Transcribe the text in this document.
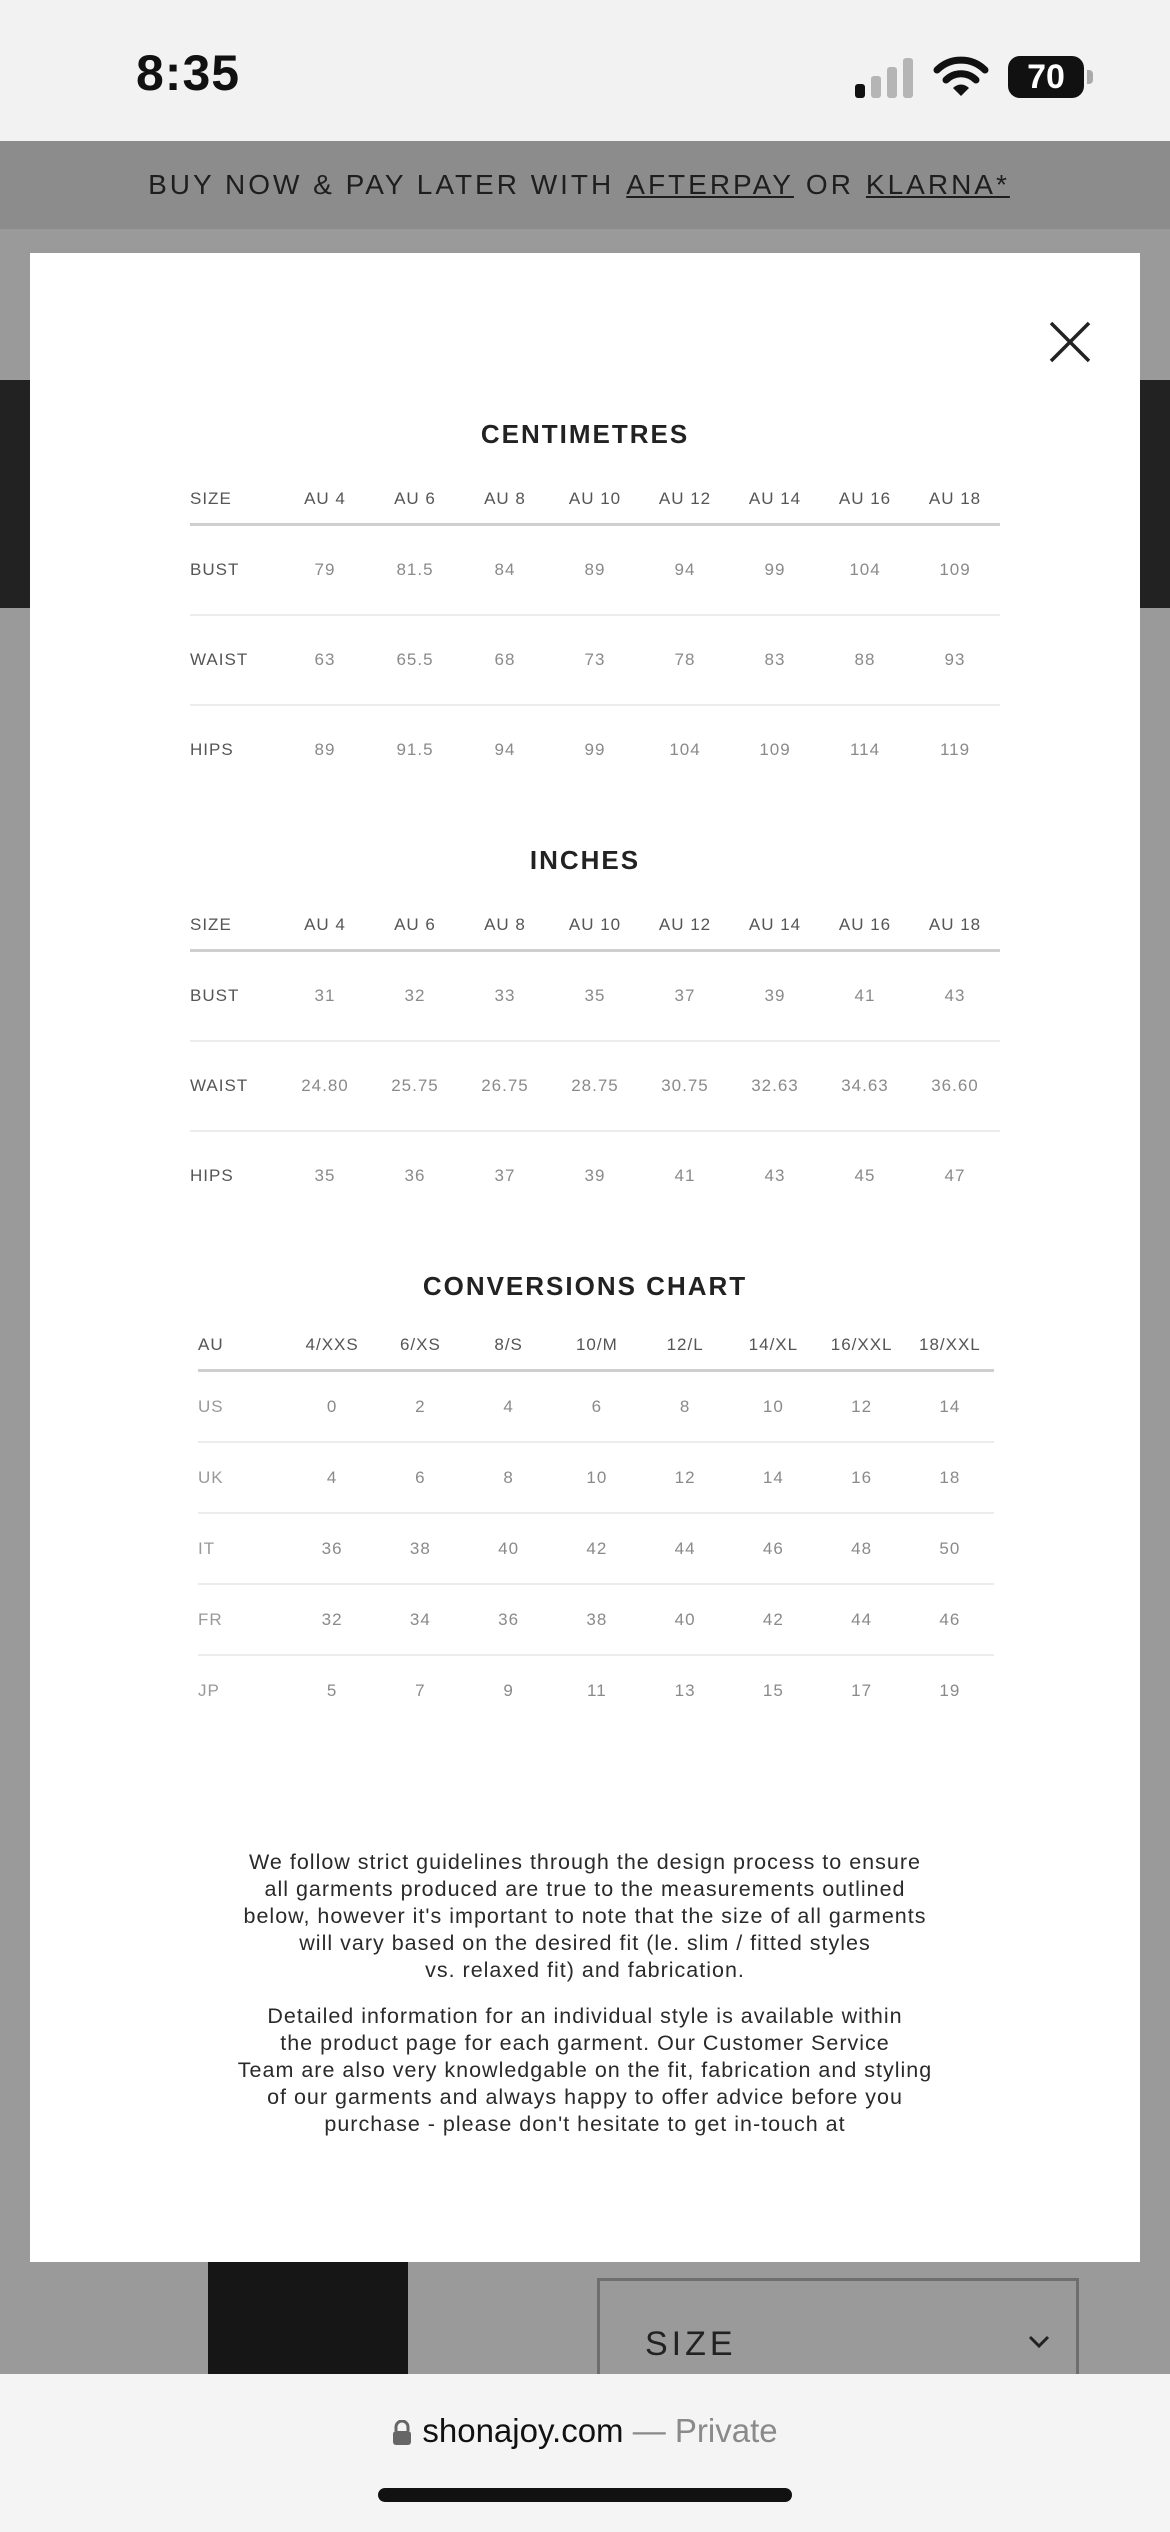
8:35	70
BUY NOW & PAY LATER WITH AFTERPAY OR KLARNA*
SIZE
CENTIMETRES
SIZE	AU 4	AU 6	AU 8	AU 10	AU 12	AU 14	AU 16	AU 18
BUST	79	81.5	84	89	94	99	104	109
WAIST	63	65.5	68	73	78	83	88	93
HIPS	89	91.5	94	99	104	109	114	119
INCHES
CONVERSIONS CHART
We follow strict guidelines through the design process to ensure
all garments produced are true to the measurements outlined
below, however it's important to note that the size of all garments
will vary based on the desired fit (le. slim / fitted styles
vs. relaxed fit) and fabrication.
Detailed information for an individual style is available within
the product page for each garment. Our Customer Service
Team are also very knowledgable on the fit, fabrication and styling
of our garments and always happy to offer advice before you
purchase - please don't hesitate to get in-touch at
SIZE	AU 4	AU 6	AU 8	AU 10	AU 12	AU 14	AU 16	AU 18
BUST	31	32	33	35	37	39	41	43
WAIST	24.80	25.75	26.75	28.75	30.75	32.63	34.63	36.60
HIPS	35	36	37	39	41	43	45	47
AU	4/XXS	6/XS	8/S	10/M	12/L	14/XL	16/XXL	18/XXL
US	0	2	4	6	8	10	12	14
UK	4	6	8	10	12	14	16	18
IT	36	38	40	42	44	46	48	50
FR	32	34	36	38	40	42	44	46
JP	5	7	9	11	13	15	17	19
shonajoy.com — Private
